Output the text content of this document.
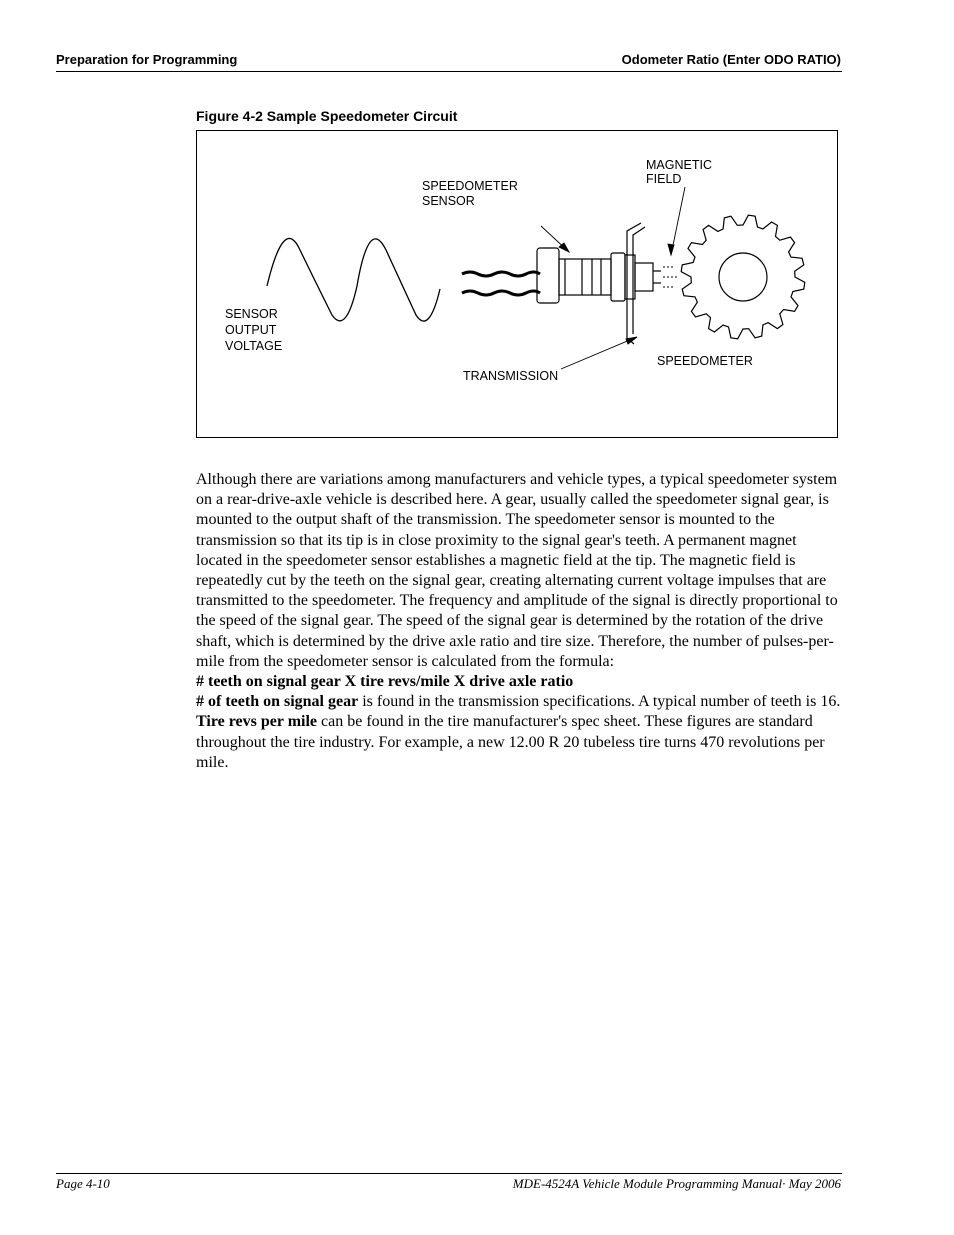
Preparation for Programming	Odometer Ratio (Enter ODO RATIO)
Figure 4-2 Sample Speedometer Circuit
MAGNETIC
FIELD
SPEEDOMETER
SENSOR
SENSOR
OUTPUT
VOLTAGE
TRANSMISSION
SPEEDOMETER

Although there are variations among manufacturers and vehicle types, a typical speedometer system on a rear-drive-axle vehicle is described here. A gear, usually called the speedometer signal gear, is mounted to the output shaft of the transmission. The speedometer sensor is mounted to the transmission so that its tip is in close proximity to the signal gear's teeth. A permanent magnet located in the speedometer sensor establishes a magnetic field at the tip. The magnetic field is repeatedly cut by the teeth on the signal gear, creating alternating current voltage impulses that are transmitted to the speedometer. The frequency and amplitude of the signal is directly proportional to the speed of the signal gear. The speed of the signal gear is determined by the rotation of the drive shaft, which is determined by the drive axle ratio and tire size. Therefore, the number of pulses-per-mile from the speedometer sensor is calculated from the formula:

# teeth on signal gear X tire revs/mile X drive axle ratio

# of teeth on signal gear is found in the transmission specifications. A typical number of teeth is 16.

Tire revs per mile can be found in the tire manufacturer's spec sheet. These figures are standard throughout the tire industry. For example, a new 12.00 R 20 tubeless tire turns 470 revolutions per mile.

Page 4-10	MDE-4524A Vehicle Module Programming Manual· May 2006
